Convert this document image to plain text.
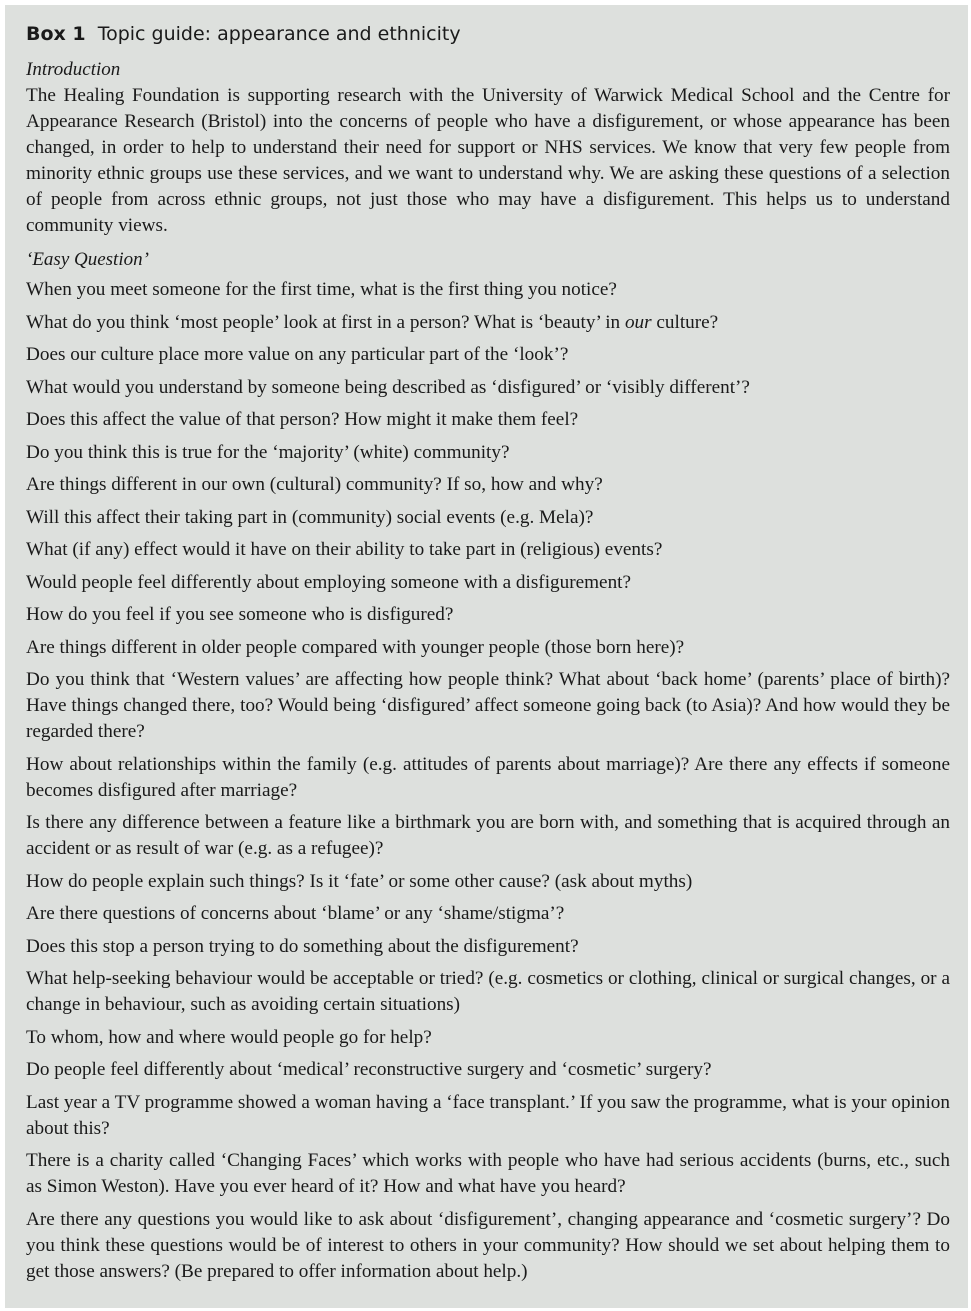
Box 1 Topic guide: appearance and ethnicity
Introduction

The Healing Foundation is supporting research with the University of Warwick Medical School and the Centre for Appearance Research (Bristol) into the concerns of people who have a disfigurement, or whose appearance has been changed, in order to help to understand their need for support or NHS services. We know that very few people from minority ethnic groups use these services, and we want to understand why. We are asking these questions of a selection of people from across ethnic groups, not just those who may have a disfigurement. This helps us to understand community views.

‘Easy Question’
When you meet someone for the first time, what is the first thing you notice?
What do you think ‘most people’ look at first in a person? What is ‘beauty’ in our culture?
Does our culture place more value on any particular part of the ‘look’?
What would you understand by someone being described as ‘disfigured’ or ‘visibly different’?
Does this affect the value of that person? How might it make them feel?
Do you think this is true for the ‘majority’ (white) community?
Are things different in our own (cultural) community? If so, how and why?
Will this affect their taking part in (community) social events (e.g. Mela)?
What (if any) effect would it have on their ability to take part in (religious) events?
Would people feel differently about employing someone with a disfigurement?
How do you feel if you see someone who is disfigured?
Are things different in older people compared with younger people (those born here)?
Do you think that ‘Western values’ are affecting how people think? What about ‘back home’ (parents’ place of birth)? Have things changed there, too? Would being ‘disfigured’ affect someone going back (to Asia)? And how would they be regarded there?
How about relationships within the family (e.g. attitudes of parents about marriage)? Are there any effects if someone becomes disfigured after marriage?
Is there any difference between a feature like a birthmark you are born with, and something that is acquired through an accident or as result of war (e.g. as a refugee)?
How do people explain such things? Is it ‘fate’ or some other cause? (ask about myths)
Are there questions of concerns about ‘blame’ or any ‘shame/stigma’?
Does this stop a person trying to do something about the disfigurement?
What help-seeking behaviour would be acceptable or tried? (e.g. cosmetics or clothing, clinical or surgical changes, or a change in behaviour, such as avoiding certain situations)
To whom, how and where would people go for help?
Do people feel differently about ‘medical’ reconstructive surgery and ‘cosmetic’ surgery?
Last year a TV programme showed a woman having a ‘face transplant.’ If you saw the programme, what is your opinion about this?
There is a charity called ‘Changing Faces’ which works with people who have had serious accidents (burns, etc., such as Simon Weston). Have you ever heard of it? How and what have you heard?
Are there any questions you would like to ask about ‘disfigurement’, changing appearance and ‘cosmetic surgery’? Do you think these questions would be of interest to others in your community? How should we set about helping them to get those answers? (Be prepared to offer information about help.)
